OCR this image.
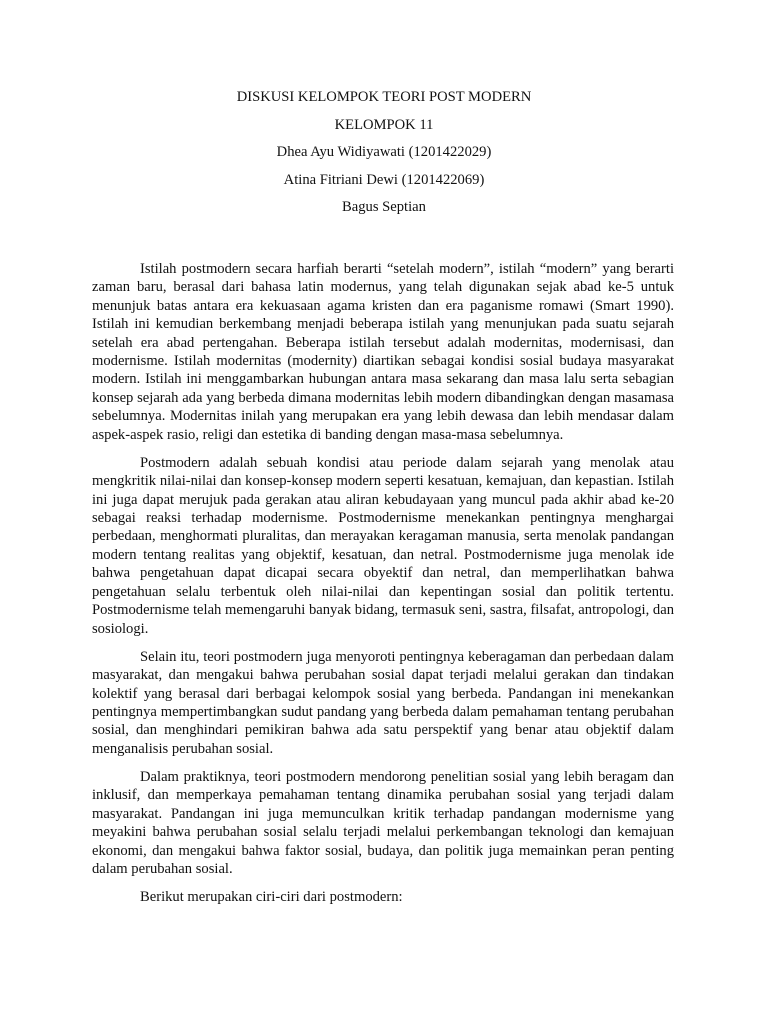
DISKUSI KELOMPOK TEORI POST MODERN
KELOMPOK 11
Dhea Ayu Widiyawati (1201422029)
Atina Fitriani Dewi (1201422069)
Bagus Septian

Istilah postmodern secara harfiah berarti “setelah modern”, istilah “modern” yang berarti zaman baru, berasal dari bahasa latin modernus, yang telah digunakan sejak abad ke-5 untuk menunjuk batas antara era kekuasaan agama kristen dan era paganisme romawi (Smart 1990). Istilah ini kemudian berkembang menjadi beberapa istilah yang menunjukan pada suatu sejarah setelah era abad pertengahan. Beberapa istilah tersebut adalah modernitas, modernisasi, dan modernisme. Istilah modernitas (modernity) diartikan sebagai kondisi sosial budaya masyarakat modern. Istilah ini menggambarkan hubungan antara masa sekarang dan masa lalu serta sebagian konsep sejarah ada yang berbeda dimana modernitas lebih modern dibandingkan dengan masamasa sebelumnya. Modernitas inilah yang merupakan era yang lebih dewasa dan lebih mendasar dalam aspek-aspek rasio, religi dan estetika di banding dengan masa-masa sebelumnya.

Postmodern adalah sebuah kondisi atau periode dalam sejarah yang menolak atau mengkritik nilai-nilai dan konsep-konsep modern seperti kesatuan, kemajuan, dan kepastian. Istilah ini juga dapat merujuk pada gerakan atau aliran kebudayaan yang muncul pada akhir abad ke-20 sebagai reaksi terhadap modernisme. Postmodernisme menekankan pentingnya menghargai perbedaan, menghormati pluralitas, dan merayakan keragaman manusia, serta menolak pandangan modern tentang realitas yang objektif, kesatuan, dan netral. Postmodernisme juga menolak ide bahwa pengetahuan dapat dicapai secara obyektif dan netral, dan memperlihatkan bahwa pengetahuan selalu terbentuk oleh nilai-nilai dan kepentingan sosial dan politik tertentu. Postmodernisme telah memengaruhi banyak bidang, termasuk seni, sastra, filsafat, antropologi, dan sosiologi.

Selain itu, teori postmodern juga menyoroti pentingnya keberagaman dan perbedaan dalam masyarakat, dan mengakui bahwa perubahan sosial dapat terjadi melalui gerakan dan tindakan kolektif yang berasal dari berbagai kelompok sosial yang berbeda. Pandangan ini menekankan pentingnya mempertimbangkan sudut pandang yang berbeda dalam pemahaman tentang perubahan sosial, dan menghindari pemikiran bahwa ada satu perspektif yang benar atau objektif dalam menganalisis perubahan sosial.

Dalam praktiknya, teori postmodern mendorong penelitian sosial yang lebih beragam dan inklusif, dan memperkaya pemahaman tentang dinamika perubahan sosial yang terjadi dalam masyarakat. Pandangan ini juga memunculkan kritik terhadap pandangan modernisme yang meyakini bahwa perubahan sosial selalu terjadi melalui perkembangan teknologi dan kemajuan ekonomi, dan mengakui bahwa faktor sosial, budaya, dan politik juga memainkan peran penting dalam perubahan sosial.

Berikut merupakan ciri-ciri dari postmodern:
